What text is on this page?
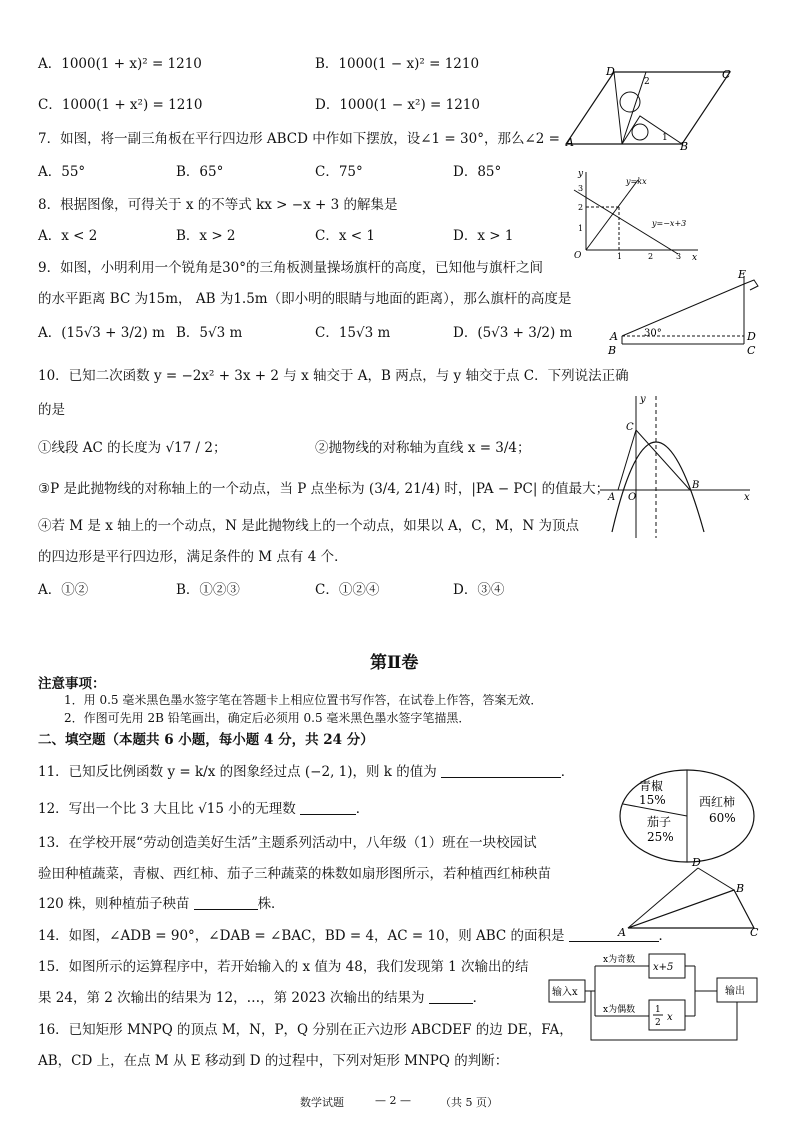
A．1000(1 + x)² = 1210	B．1000(1 − x)² = 1210
C．1000(1 + x²) = 1210	D．1000(1 − x²) = 1210
7．如图，将一副三角板在平行四边形 ABCD 中作如下摆放，设∠1 = 30°，那么∠2 =
A．55°	B．65°	C．75°	D．85°
D	C
A	B
1
2
8．根据图像，可得关于 x 的不等式 kx > −x + 3 的解集是
A．x < 2	B．x > 2	C．x < 1	D．x > 1
y
x
O
y=kx
y=−x+3
1	2	3
1
2
3
9．如图，小明利用一个锐角是30°的三角板测量操场旗杆的高度，已知他与旗杆之间
的水平距离 BC 为15m， AB 为1.5m（即小明的眼睛与地面的距离），那么旗杆的高度是
A．(15√3 + 3/2) m B．5√3 m	C．15√3 m	D．(5√3 + 3/2) m
E
A
B
D
C
30°
10．已知二次函数 y = −2x² + 3x + 2 与 x 轴交于 A，B 两点，与 y 轴交于点 C．下列说法正确
的是
①线段 AC 的长度为 √17 / 2；	②抛物线的对称轴为直线 x = 3/4；
③P 是此抛物线的对称轴上的一个动点，当 P 点坐标为 (3/4, 21/4) 时，|PA − PC| 的值最大；
④若 M 是 x 轴上的一个动点，N 是此抛物线上的一个动点，如果以 A，C，M，N 为顶点
的四边形是平行四边形，满足条件的 M 点有 4 个．
A．①②	B．①②③	C．①②④	D．③④
y
x
C
A O
B
第Ⅱ卷
注意事项：
1．用 0.5 毫米黑色墨水签字笔在答题卡上相应位置书写作答，在试卷上作答，答案无效．
2．作图可先用 2B 铅笔画出，确定后必须用 0.5 毫米黑色墨水签字笔描黑．
二、填空题（本题共 6 小题，每小题 4 分，共 24 分）
11．已知反比例函数 y = k/x 的图象经过点 (−2, 1)，则 k 的值为	．
12．写出一个比 3 大且比 √15 小的无理数	．
13．在学校开展“劳动创造美好生活”主题系列活动中，八年级（1）班在一块校园试
验田种植蔬菜，青椒、西红柿、茄子三种蔬菜的株数如扇形图所示，若种植西红柿秧苗
120 株，则种植茄子秧苗	株．
青椒
15%	西红柿
60%
茄子
25%
14．如图，∠ADB = 90°，∠DAB = ∠BAC，BD = 4，AC = 10，则 ABC 的面积是	．
D
B
A	C
15．如图所示的运算程序中，若开始输入的 x 值为 48，我们发现第 1 次输出的结
果 24，第 2 次输出的结果为 12，…，第 2023 次输出的结果为	．	输入x
x为奇数
x为偶数
x+5
1
2 x
输出
16．已知矩形 MNPQ 的顶点 M，N，P，Q 分别在正六边形 ABCDEF 的边 DE，FA，
AB，CD 上，在点 M 从 E 移动到 D 的过程中，下列对矩形 MNPQ 的判断：
数学试题	— 2 —	（共 5 页）
